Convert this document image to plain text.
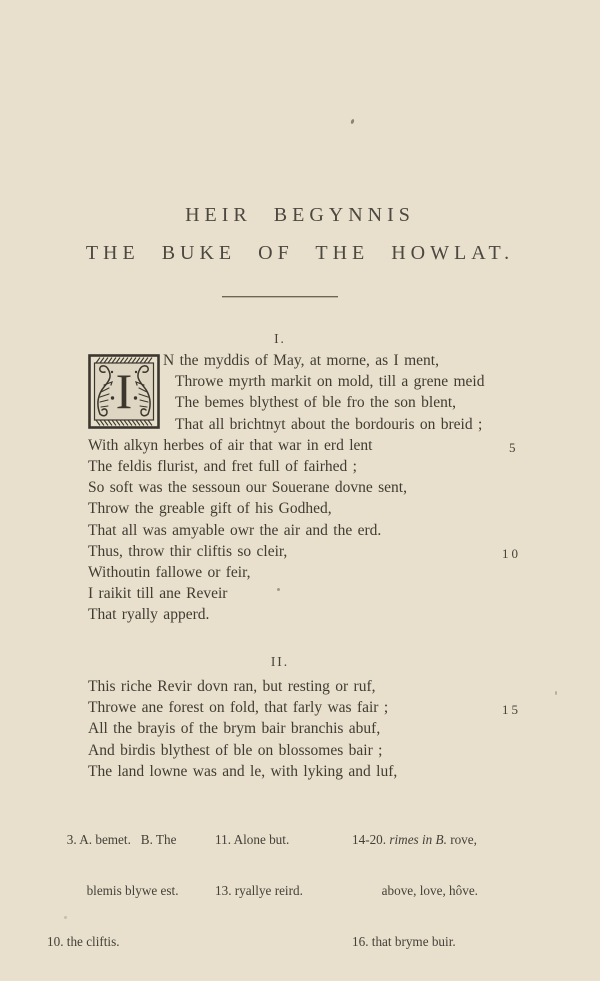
HEIR BEGYNNIS
THE BUKE OF THE HOWLAT.
I.

I
N the myddis of May, at morne, as I ment,
Throwe myrth markit on mold, till a grene meid
The bemes blythest of ble fro the son blent,
That all brichtnyt about the bordouris on breid ;
With alkyn herbes of air that war in erd lent	5

The feldis flurist, and fret full of fairhed ;
So soft was the sessoun our Souerane dovne sent,
Throw the greable gift of his Godhed,
That all was amyable owr the air and the erd.
Thus, throw thir cliftis so cleir,	10

Withoutin fallowe or feir,
I raikit till ane Reveir
That ryally apperd.

II.

This riche Revir dovn ran, but resting or ruf,
Throwe ane forest on fold, that farly was fair ;	15

All the brayis of the brym bair branchis abuf,
And birdis blythest of ble on blossomes bair ;
The land lowne was and le, with lyking and luf,

3. A. bemet.   B. The

blemis blywe est.

10. the cliftis.

11. Alone but.

13. ryallye reird.

14-20. rimes in B. rove,

above, love, hôve.

16. that bryme buir.
